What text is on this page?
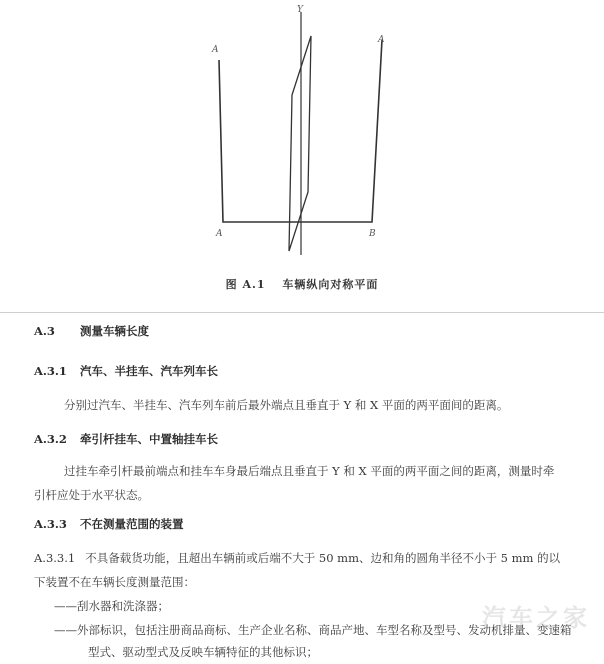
Y
A
A
A	B
图 A.1 车辆纵向对称平面
A.3 测量车辆长度
A.3.1 汽车、半挂车、汽车列车长
分别过汽车、半挂车、汽车列车前后最外端点且垂直于 Y 和 X 平面的两平面间的距离。
A.3.2 牵引杆挂车、中置轴挂车长
过挂车牵引杆最前端点和挂车车身最后端点且垂直于 Y 和 X 平面的两平面之间的距离，测量时牵
引杆应处于水平状态。
A.3.3 不在测量范围的装置
A.3.3.1 不具备载货功能，且超出车辆前或后端不大于 50 mm、边和角的圆角半径不小于 5 mm 的以
下装置不在车辆长度测量范围：
——刮水器和洗涤器；
——外部标识，包括注册商品商标、生产企业名称、商品产地、车型名称及型号、发动机排量、变速箱
型式、驱动型式及反映车辆特征的其他标识；
汽车之家
